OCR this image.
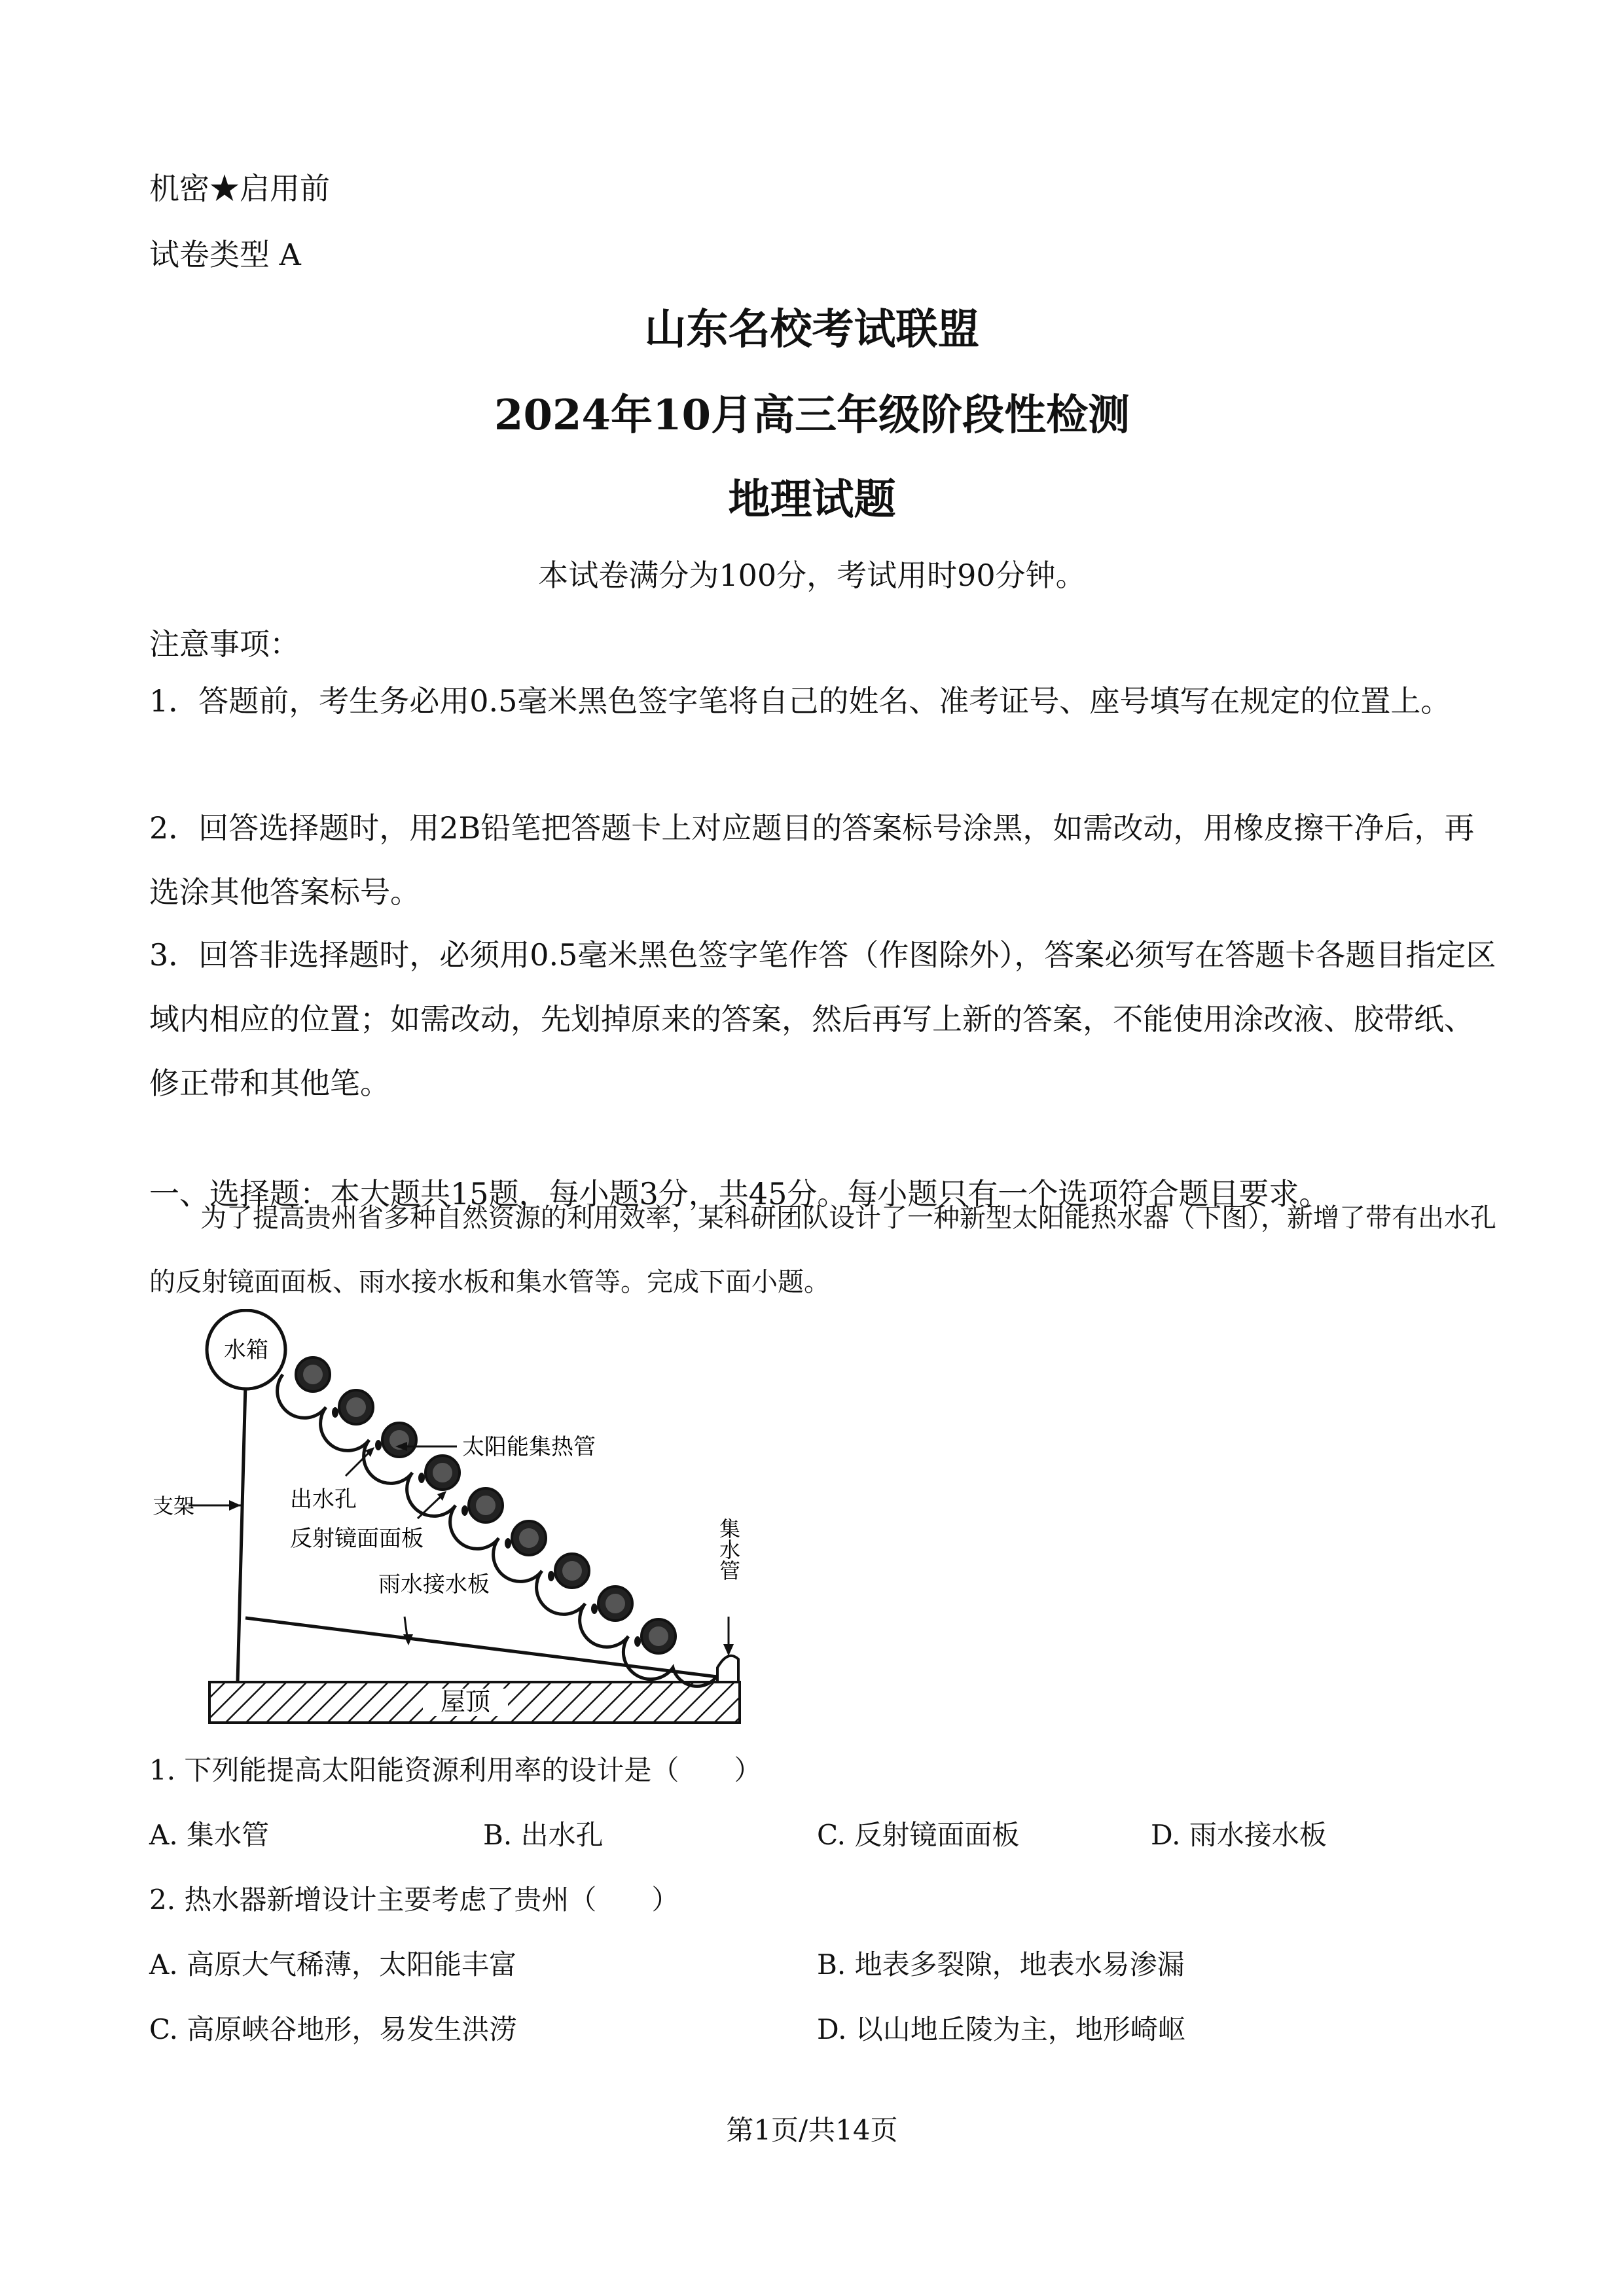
机密★启用前
试卷类型 A
山东名校考试联盟
2024年10月高三年级阶段性检测
地理试题
本试卷满分为100分，考试用时90分钟。
注意事项：
1．答题前，考生务必用0.5毫米黑色签字笔将自己的姓名、准考证号、座号填写在规定的位置上。
2．回答选择题时，用2B铅笔把答题卡上对应题目的答案标号涂黑，如需改动，用橡皮擦干净后，再选涂其他答案标号。
3．回答非选择题时，必须用0.5毫米黑色签字笔作答（作图除外），答案必须写在答题卡各题目指定区域内相应的位置；如需改动，先划掉原来的答案，然后再写上新的答案，不能使用涂改液、胶带纸、修正带和其他笔。
一、选择题：本大题共15题，每小题3分，共45分。每小题只有一个选项符合题目要求。
为了提高贵州省多种自然资源的利用效率，某科研团队设计了一种新型太阳能热水器（下图），新增了带有出水孔的反射镜面面板、雨水接水板和集水管等。完成下面小题。
屋顶
支架
水箱
集水管
太阳能集热管
出水孔
反射镜面面板
雨水接水板
1. 下列能提高太阳能资源利用率的设计是（　　）
A. 集水管	B. 出水孔	C. 反射镜面面板	D. 雨水接水板
2. 热水器新增设计主要考虑了贵州（　　）
A. 高原大气稀薄，太阳能丰富	B. 地表多裂隙，地表水易渗漏
C. 高原峡谷地形，易发生洪涝	D. 以山地丘陵为主，地形崎岖
第1页/共14页
